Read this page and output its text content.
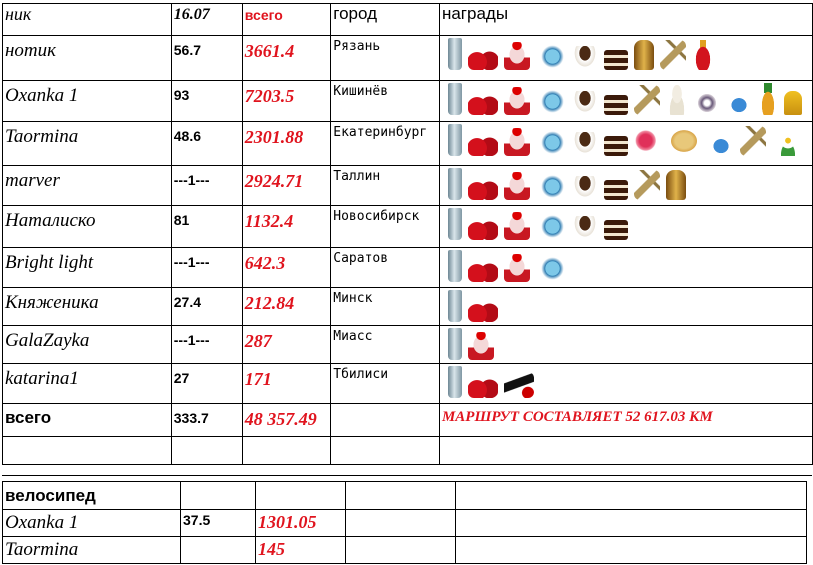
ник	16.07	всего	город	награды
нотик	56.7	3661.4	Рязань	

Oxanka 1	93	7203.5	Кишинёв	

Taormina	48.6	2301.88	Екатеринбург	

marver	---1---	2924.71	Таллин	

Наталиско	81	1132.4	Новосибирск	

Bright light	---1---	642.3	Саратов	

Княженика	27.4	212.84	Минск	

GalaZayka	---1---	287	Миасс	

katarina1	27	171	Тбилиси	

всего	333.7	48 357.49		МАРШРУТ СОСТАВЛЯЕТ 52 617.03 КМ

велосипед				
Oxanka 1	37.5	1301.05		
Taormina		145		
